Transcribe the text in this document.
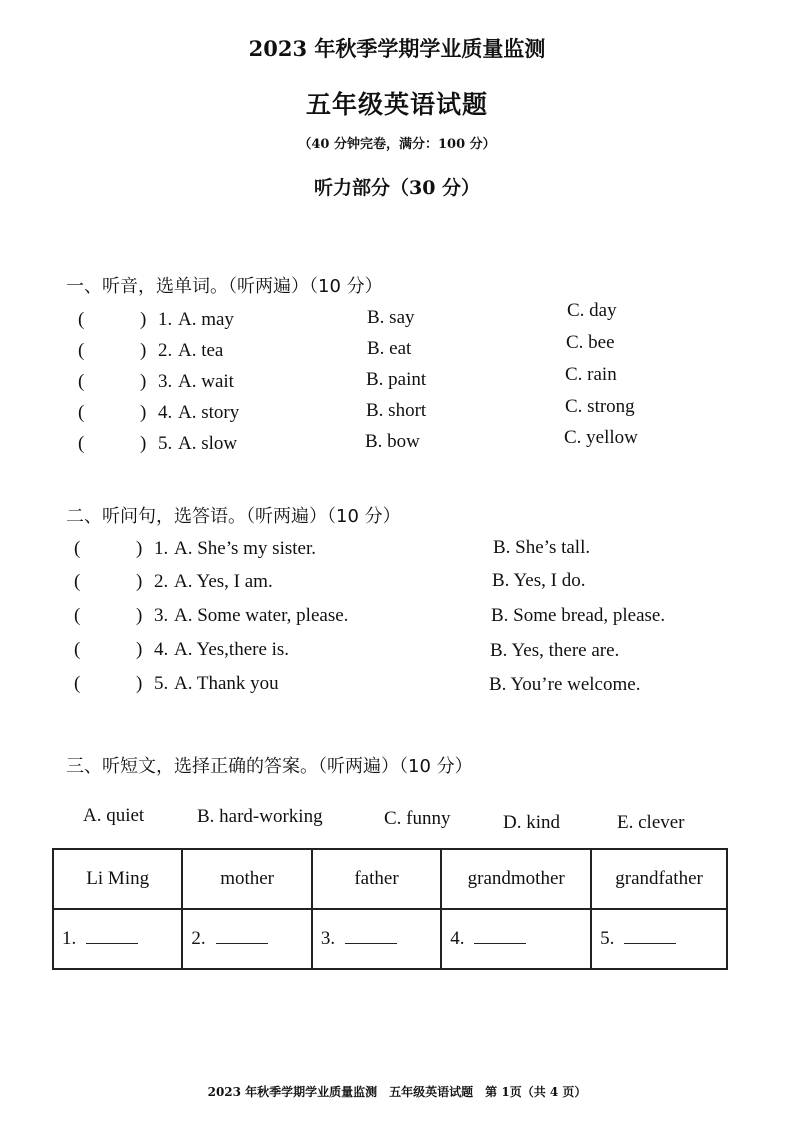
2023 年秋季学期学业质量监测
五年级英语试题
（40 分钟完卷，满分：100 分）
听力部分（30 分）
一、听音，选单词。（听两遍）（10 分）
(	) 1. A. may	B. say	C. day
(	) 2. A. tea	B. eat	C. bee
(	) 3. A. wait	B. paint	C. rain
(	) 4. A. story	B. short	C. strong
(	) 5. A. slow	B. bow	C. yellow
二、听问句，选答语。（听两遍）（10 分）
(	) 1. A. She’s my sister.	B. She’s tall.
(	) 2. A. Yes, I am.	B. Yes, I do.
(	) 3. A. Some water, please.	B. Some bread, please.
(	) 4. A. Yes,there is.	B. Yes, there are.
(	) 5. A. Thank you	B. You’re welcome.
三、听短文，选择正确的答案。（听两遍）（10 分）
A. quiet	B. hard-working	C. funny	D. kind	E. clever
Li Ming	mother	father	grandmother	grandfather
1.	2.	3.	4.	5.
2023 年秋季学期学业质量监测　五年级英语试题　第 1页（共 4 页）
